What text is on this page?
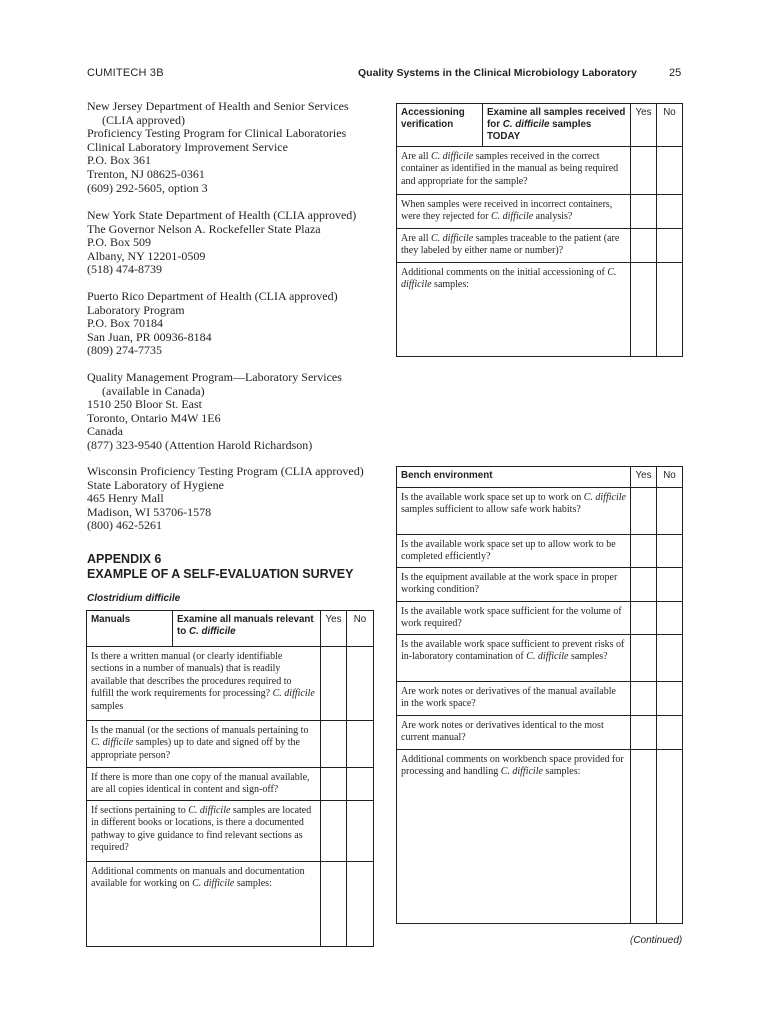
CUMITECH 3B	Quality Systems in the Clinical Microbiology Laboratory	25
New Jersey Department of Health and Senior Services
(CLIA approved)
Proficiency Testing Program for Clinical Laboratories
Clinical Laboratory Improvement Service
P.O. Box 361
Trenton, NJ 08625-0361
(609) 292-5605, option 3
New York State Department of Health (CLIA approved)
The Governor Nelson A. Rockefeller State Plaza
P.O. Box 509
Albany, NY 12201-0509
(518) 474-8739
Puerto Rico Department of Health (CLIA approved)
Laboratory Program
P.O. Box 70184
San Juan, PR 00936-8184
(809) 274-7735
Quality Management Program—Laboratory Services
(available in Canada)
1510 250 Bloor St. East
Toronto, Ontario M4W 1E6
Canada
(877) 323-9540 (Attention Harold Richardson)
Wisconsin Proficiency Testing Program (CLIA approved)
State Laboratory of Hygiene
465 Henry Mall
Madison, WI 53706-1578
(800) 462-5261
APPENDIX 6
EXAMPLE OF A SELF-EVALUATION SURVEY
Clostridium difficile
Manuals	Examine all manuals relevant to C. difficile	Yes	No
Is there a written manual (or clearly identifiable sections in a number of manuals) that is readily available that describes the procedures required to fulfill the work requirements for processing? C. difficile samples			
Is the manual (or the sections of manuals pertaining to C. difficile samples) up to date and signed off by the appropriate person?			
If there is more than one copy of the manual available, are all copies identical in content and sign-off?			
If sections pertaining to C. difficile samples are located in different books or locations, is there a documented pathway to give guidance to find relevant sections as required?			
Additional comments on manuals and documentation available for working on C. difficile samples:			
Accessioning verification	Examine all samples received for C. difficile samples TODAY	Yes	No
Are all C. difficile samples received in the correct container as identified in the manual as being required and appropriate for the sample?			
When samples were received in incorrect containers, were they rejected for C. difficile analysis?			
Are all C. difficile samples traceable to the patient (are they labeled by either name or number)?			
Additional comments on the initial accessioning of C. difficile samples:			
Bench environment	Yes	No
Is the available work space set up to work on C. difficile samples sufficient to allow safe work habits?		
Is the available work space set up to allow work to be completed efficiently?		
Is the equipment available at the work space in proper working condition?		
Is the available work space sufficient for the volume of work required?		
Is the available work space sufficient to prevent risks of in-laboratory contamination of C. difficile samples?		
Are work notes or derivatives of the manual available in the work space?		
Are work notes or derivatives identical to the most current manual?		
Additional comments on workbench space provided for processing and handling C. difficile samples:		
(Continued)
